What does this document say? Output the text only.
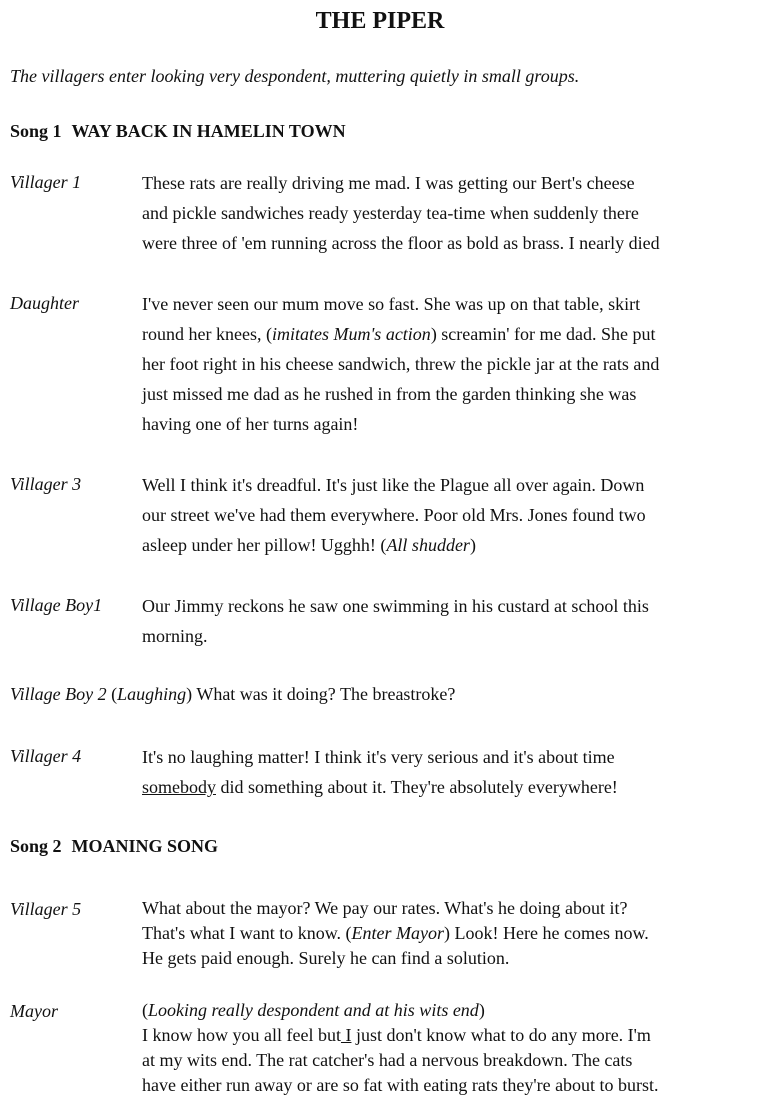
THE PIPER
The villagers enter looking very despondent, muttering quietly in small groups.
Song 1 WAY BACK IN HAMELIN TOWN
Villager 1	These rats are really driving me mad. I was getting our Bert's cheese
and pickle sandwiches ready yesterday tea-time when suddenly there
were three of 'em running across the floor as bold as brass. I nearly died
Daughter	I've never seen our mum move so fast. She was up on that table, skirt
round her knees, (imitates Mum's action) screamin' for me dad. She put
her foot right in his cheese sandwich, threw the pickle jar at the rats and
just missed me dad as he rushed in from the garden thinking she was
having one of her turns again!
Villager 3	Well I think it's dreadful. It's just like the Plague all over again. Down
our street we've had them everywhere. Poor old Mrs. Jones found two
asleep under her pillow! Ugghh! (All shudder)
Village Boy1 Our Jimmy reckons he saw one swimming in his custard at school this
morning.
Village Boy 2 (Laughing) What was it doing? The breastroke?
Villager 4	It's no laughing matter! I think it's very serious and it's about time
somebody did something about it. They're absolutely everywhere!
Song 2 MOANING SONG
Villager 5	What about the mayor? We pay our rates. What's he doing about it?
That's what I want to know. (Enter Mayor) Look! Here he comes now.
He gets paid enough. Surely he can find a solution.
Mayor	(Looking really despondent and at his wits end)
I know how you all feel but I just don't know what to do any more. I'm
at my wits end. The rat catcher's had a nervous breakdown. The cats
have either run away or are so fat with eating rats they're about to burst.
